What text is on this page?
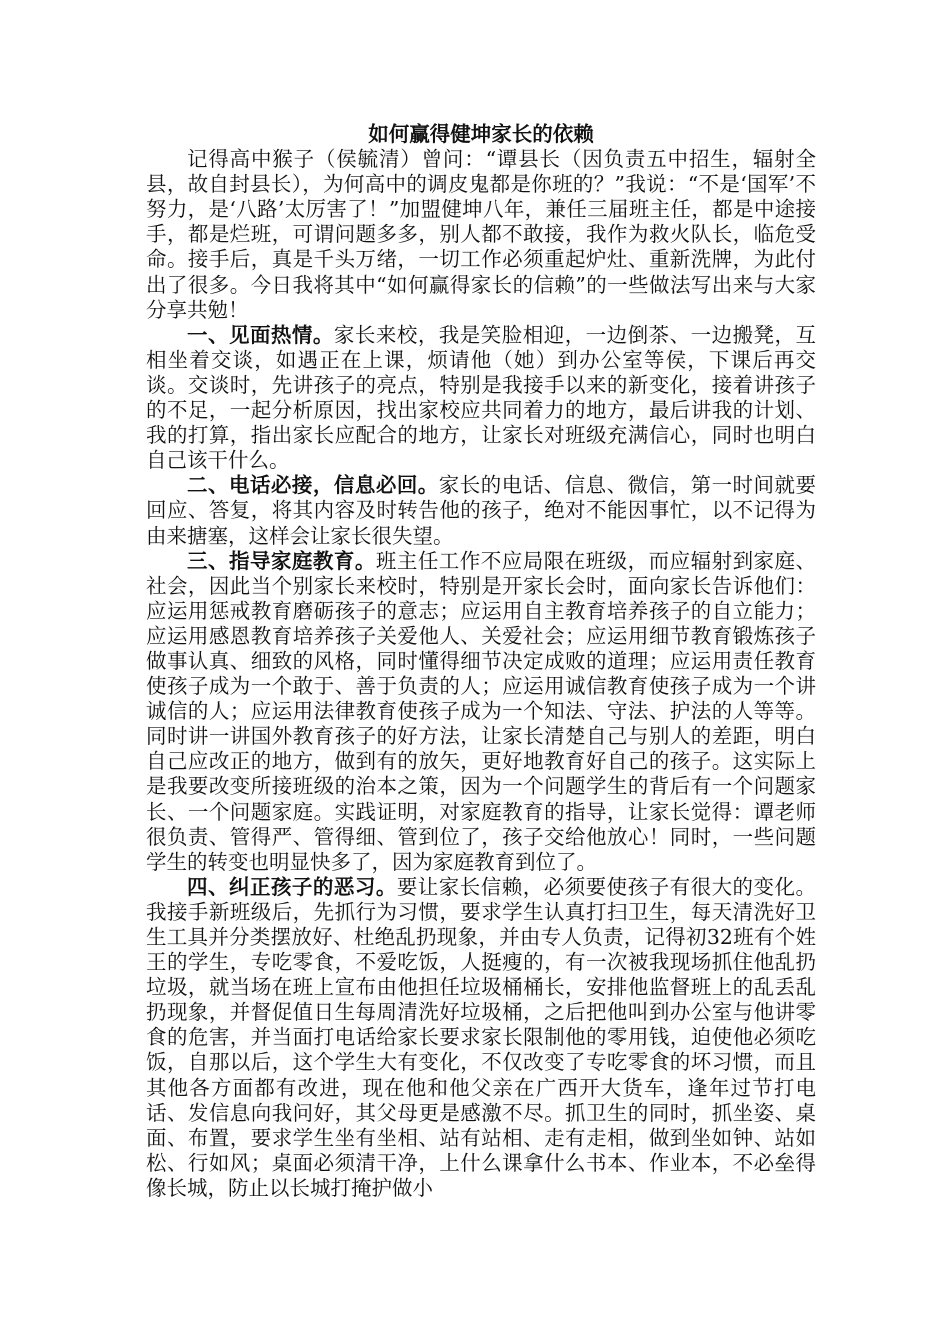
如何赢得健坤家长的依赖

记得高中猴子（侯毓清）曾问：“谭县长（因负责五中招生，辐射全县，故自封县长），为何高中的调皮鬼都是你班的？”我说：“不是‘国军’不努力，是‘八路’太厉害了！”加盟健坤八年，兼任三届班主任，都是中途接手，都是烂班，可谓问题多多，别人都不敢接，我作为救火队长，临危受命。接手后，真是千头万绪，一切工作必须重起炉灶、重新洗牌，为此付出了很多。今日我将其中“如何赢得家长的信赖”的一些做法写出来与大家分享共勉！

一、见面热情。家长来校，我是笑脸相迎，一边倒茶、一边搬凳，互相坐着交谈，如遇正在上课，烦请他（她）到办公室等侯，下课后再交谈。交谈时，先讲孩子的亮点，特别是我接手以来的新变化，接着讲孩子的不足，一起分析原因，找出家校应共同着力的地方，最后讲我的计划、我的打算，指出家长应配合的地方，让家长对班级充满信心，同时也明白自己该干什么。

二、电话必接，信息必回。家长的电话、信息、微信，第一时间就要回应、答复，将其内容及时转告他的孩子，绝对不能因事忙，以不记得为由来搪塞，这样会让家长很失望。

三、指导家庭教育。班主任工作不应局限在班级，而应辐射到家庭、社会，因此当个别家长来校时，特别是开家长会时，面向家长告诉他们：应运用惩戒教育磨砺孩子的意志；应运用自主教育培养孩子的自立能力；应运用感恩教育培养孩子关爱他人、关爱社会；应运用细节教育锻炼孩子做事认真、细致的风格，同时懂得细节决定成败的道理；应运用责任教育使孩子成为一个敢于、善于负责的人；应运用诚信教育使孩子成为一个讲诚信的人；应运用法律教育使孩子成为一个知法、守法、护法的人等等。同时讲一讲国外教育孩子的好方法，让家长清楚自己与别人的差距，明白自己应改正的地方，做到有的放矢，更好地教育好自己的孩子。这实际上是我要改变所接班级的治本之策，因为一个问题学生的背后有一个问题家长、一个问题家庭。实践证明，对家庭教育的指导，让家长觉得：谭老师很负责、管得严、管得细、管到位了，孩子交给他放心！同时，一些问题学生的转变也明显快多了，因为家庭教育到位了。

四、纠正孩子的恶习。要让家长信赖，必须要使孩子有很大的变化。我接手新班级后，先抓行为习惯，要求学生认真打扫卫生，每天清洗好卫生工具并分类摆放好、杜绝乱扔现象，并由专人负责，记得初32班有个姓王的学生，专吃零食，不爱吃饭，人挺瘦的，有一次被我现场抓住他乱扔垃圾，就当场在班上宣布由他担任垃圾桶桶长，安排他监督班上的乱丢乱扔现象，并督促值日生每周清洗好垃圾桶，之后把他叫到办公室与他讲零食的危害，并当面打电话给家长要求家长限制他的零用钱，迫使他必须吃饭，自那以后，这个学生大有变化，不仅改变了专吃零食的坏习惯，而且其他各方面都有改进，现在他和他父亲在广西开大货车，逢年过节打电话、发信息向我问好，其父母更是感激不尽。抓卫生的同时，抓坐姿、桌面、布置，要求学生坐有坐相、站有站相、走有走相，做到坐如钟、站如松、行如风；桌面必须清干净，上什么课拿什么书本、作业本，不必垒得像长城，防止以长城打掩护做小
